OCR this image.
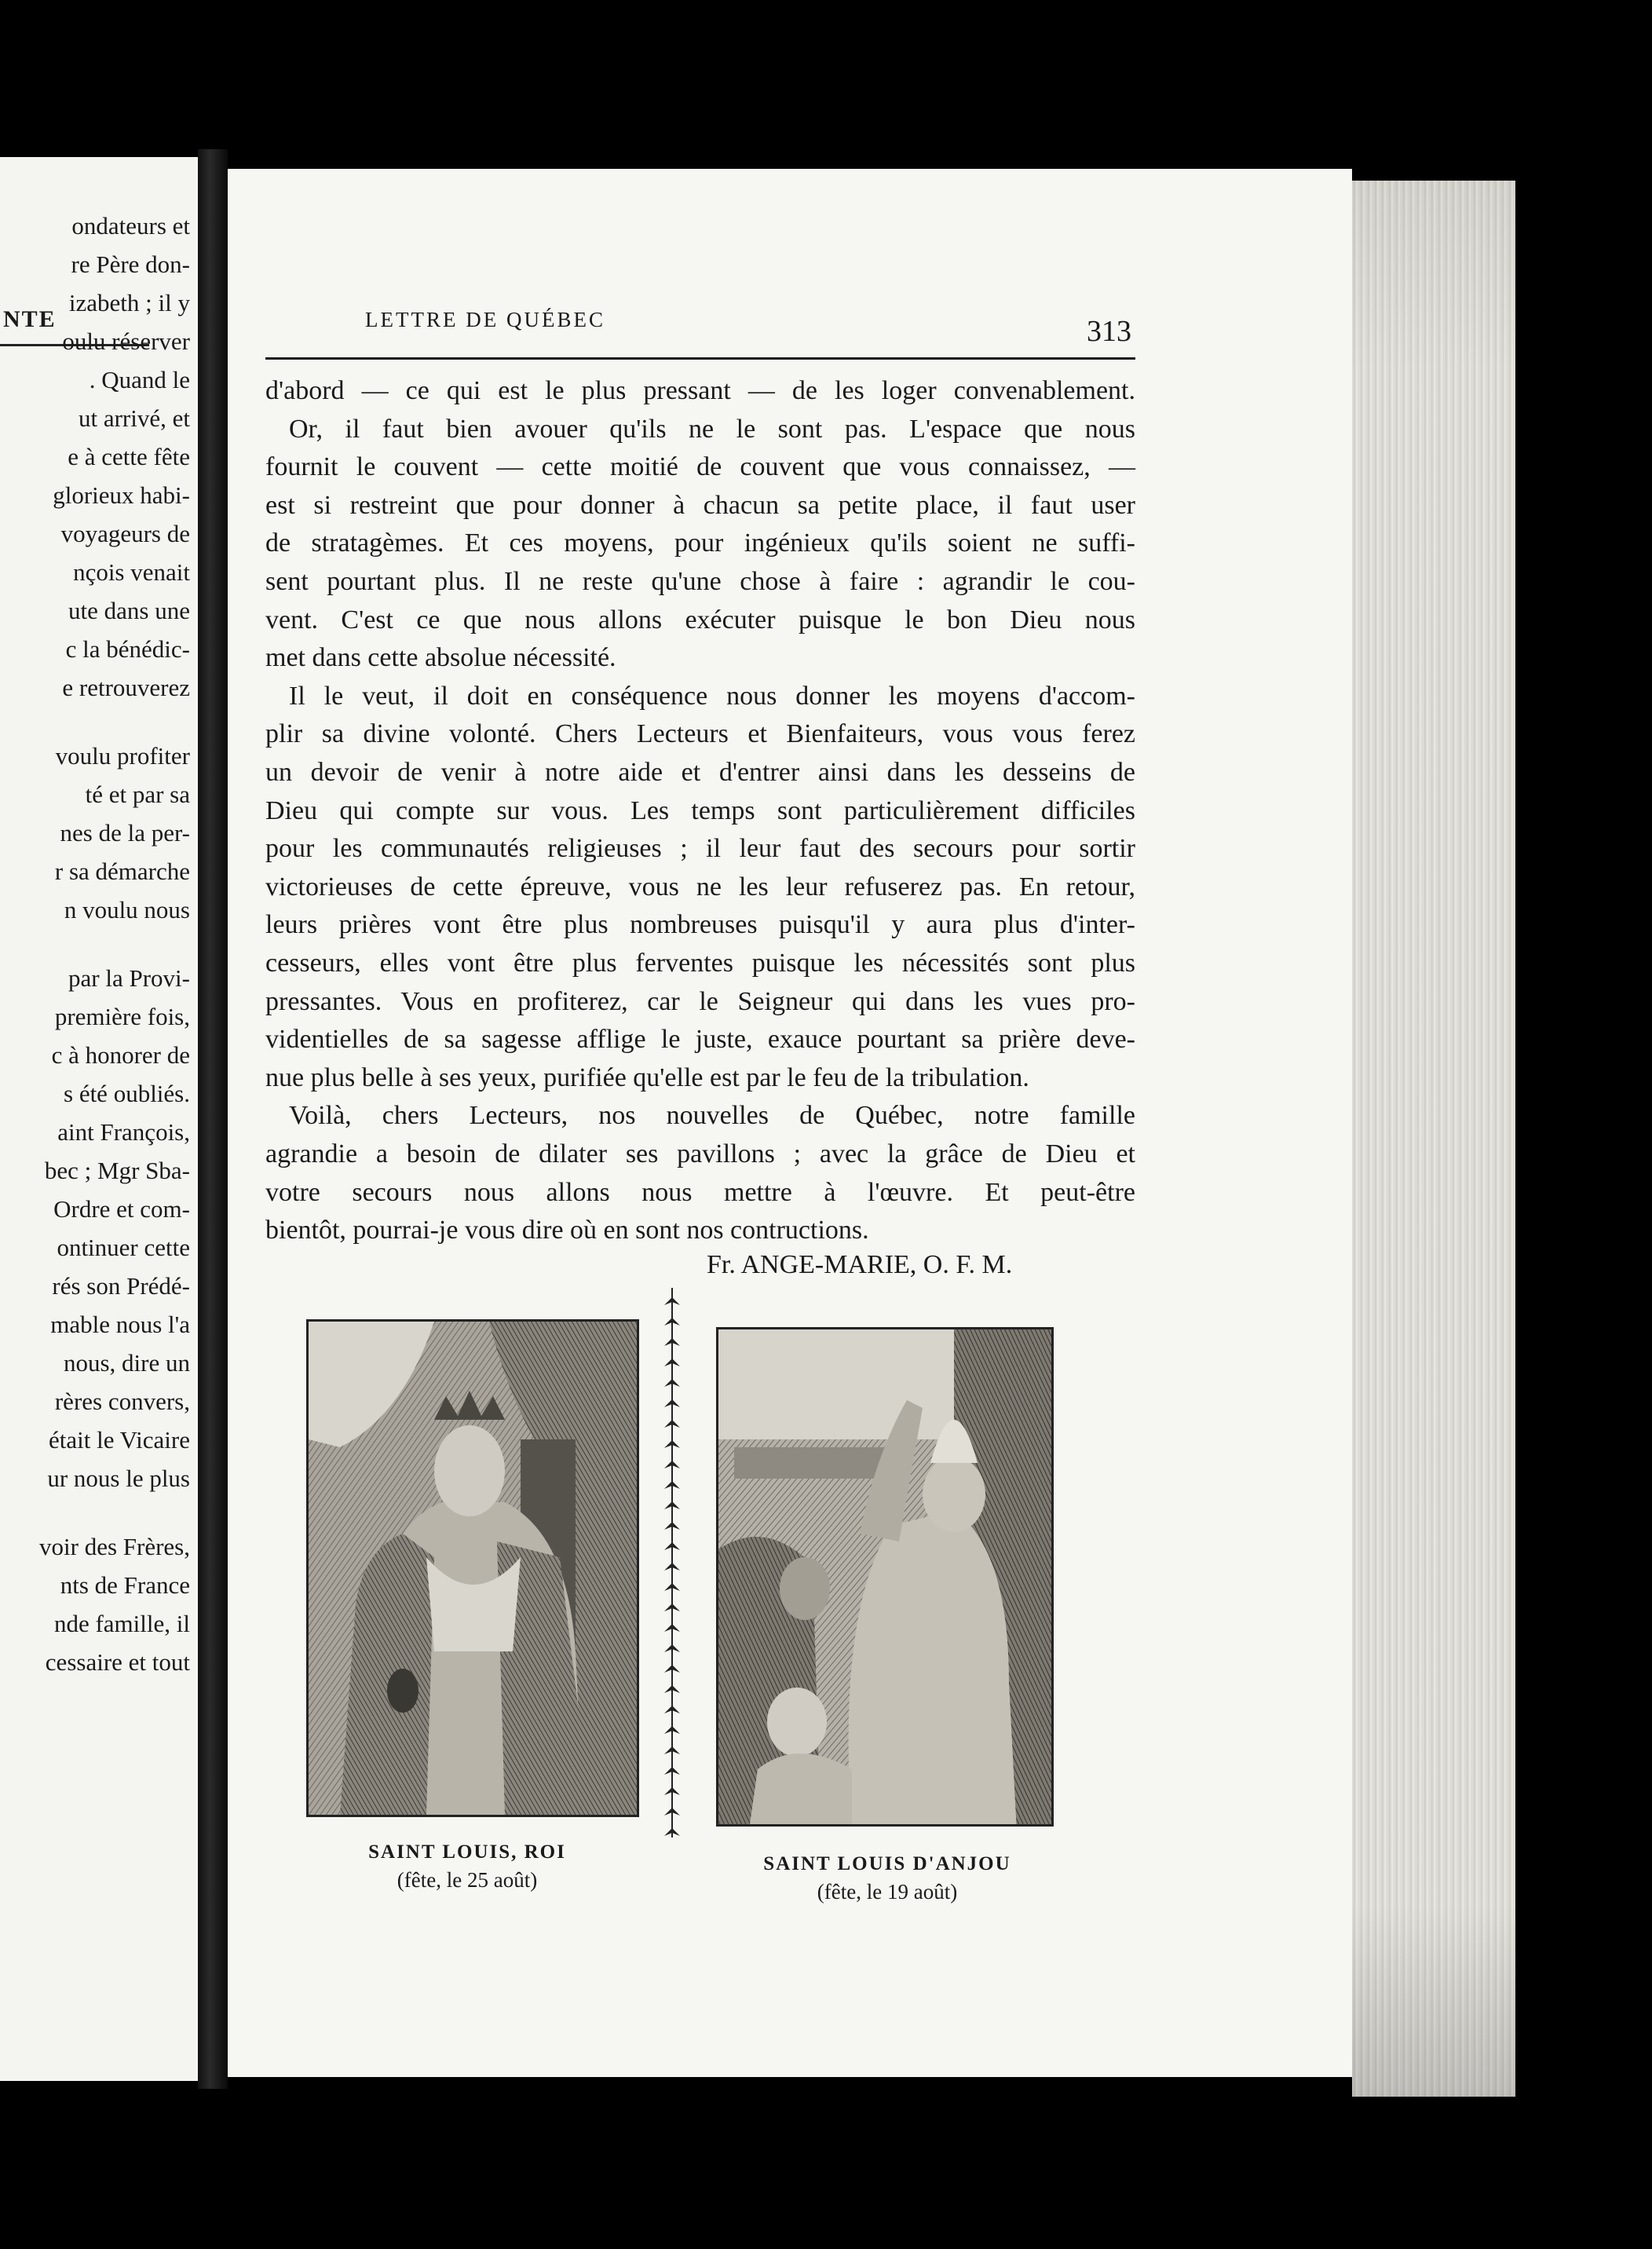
NTE
ondateurs et
re Père don-
izabeth ; il y
oulu réserver
. Quand le
ut arrivé, et
e à cette fête
glorieux habi-
voyageurs de
nçois venait
ute dans une
c la bénédic-
e retrouverez
voulu profiter
té et par sa
nes de la per-
r sa démarche
n voulu nous
par la Provi-
première fois,
c à honorer de
s été oubliés.
aint François,
bec ; Mgr Sba-
Ordre et com-
ontinuer cette
rés son Prédé-
mable nous l'a
nous, dire un
rères convers,
était le Vicaire
ur nous le plus
voir des Frères,
nts de France
nde famille, il
cessaire et tout
LETTRE DE QUÉBEC	313
d'abord — ce qui est le plus pressant — de les loger convenablement.
Or, il faut bien avouer qu'ils ne le sont pas. L'espace que nous
fournit le couvent — cette moitié de couvent que vous connaissez, —
est si restreint que pour donner à chacun sa petite place, il faut user
de stratagèmes. Et ces moyens, pour ingénieux qu'ils soient ne suffi-
sent pourtant plus. Il ne reste qu'une chose à faire : agrandir le cou-
vent. C'est ce que nous allons exécuter puisque le bon Dieu nous
met dans cette absolue nécessité.
Il le veut, il doit en conséquence nous donner les moyens d'accom-
plir sa divine volonté. Chers Lecteurs et Bienfaiteurs, vous vous ferez
un devoir de venir à notre aide et d'entrer ainsi dans les desseins de
Dieu qui compte sur vous. Les temps sont particulièrement difficiles
pour les communautés religieuses ; il leur faut des secours pour sortir
victorieuses de cette épreuve, vous ne les leur refuserez pas. En retour,
leurs prières vont être plus nombreuses puisqu'il y aura plus d'inter-
cesseurs, elles vont être plus ferventes puisque les nécessités sont plus
pressantes. Vous en profiterez, car le Seigneur qui dans les vues pro-
videntielles de sa sagesse afflige le juste, exauce pourtant sa prière deve-
nue plus belle à ses yeux, purifiée qu'elle est par le feu de la tribulation.
Voilà, chers Lecteurs, nos nouvelles de Québec, notre famille
agrandie a besoin de dilater ses pavillons ; avec la grâce de Dieu et
votre secours nous allons nous mettre à l'œuvre. Et peut-être
bientôt, pourrai-je vous dire où en sont nos contructions.
Fr. ANGE-MARIE, O. F. M.
SAINT LOUIS, ROI
(fête, le 25 août)
SAINT LOUIS D'ANJOU
(fête, le 19 août)
